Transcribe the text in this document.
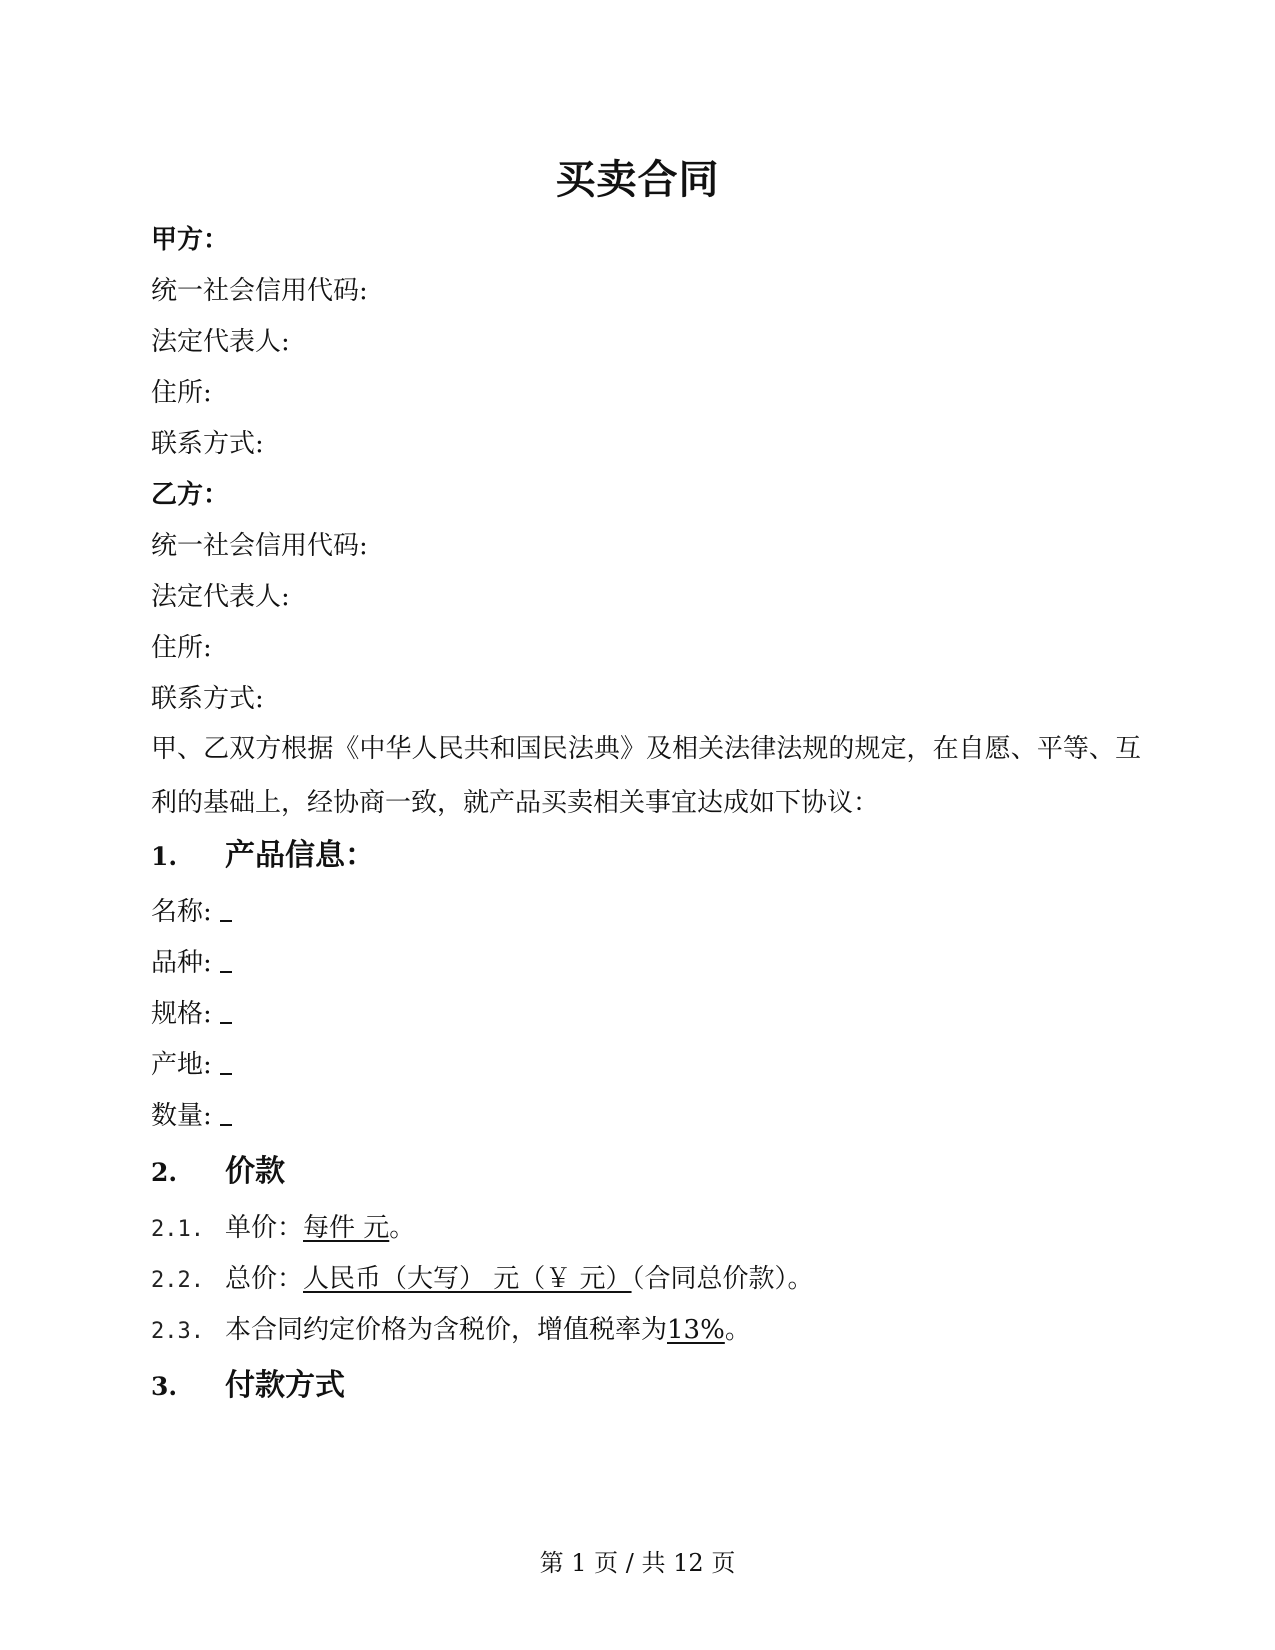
买卖合同
甲方：
统一社会信用代码:
法定代表人:
住所:
联系方式:
乙方：
统一社会信用代码:
法定代表人:
住所:
联系方式:
甲、乙双方根据《中华人民共和国民法典》及相关法律法规的规定，在自愿、平等、互利的基础上，经协商一致，就产品买卖相关事宜达成如下协议：
1. 产品信息：
名称:
品种:
规格:
产地:
数量:
2. 价款
2.1. 单价：每件 元。
2.2. 总价：人民币（大写） 元（￥ 元）（合同总价款）。
2.3. 本合同约定价格为含税价，增值税率为13%。
3. 付款方式
第 1 页 / 共 12 页
